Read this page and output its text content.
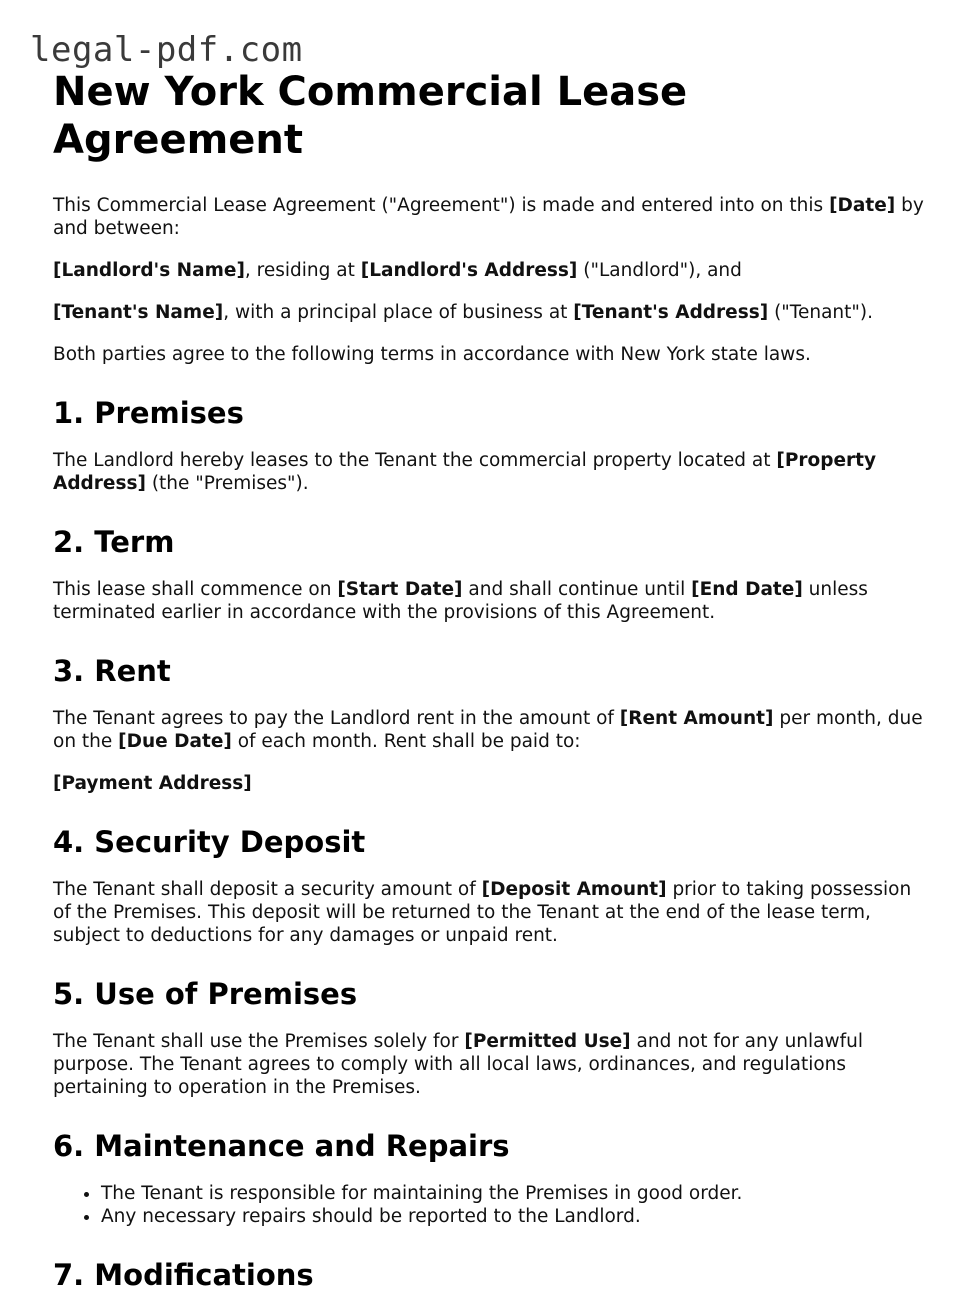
legal-pdf.com
New York Commercial Lease Agreement

This Commercial Lease Agreement ("Agreement") is made and entered into on this [Date] by and between:

[Landlord's Name], residing at [Landlord's Address] ("Landlord"), and

[Tenant's Name], with a principal place of business at [Tenant's Address] ("Tenant").

Both parties agree to the following terms in accordance with New York state laws.

1. Premises

The Landlord hereby leases to the Tenant the commercial property located at [Property Address] (the "Premises").

2. Term

This lease shall commence on [Start Date] and shall continue until [End Date] unless terminated earlier in accordance with the provisions of this Agreement.

3. Rent

The Tenant agrees to pay the Landlord rent in the amount of [Rent Amount] per month, due on the [Due Date] of each month. Rent shall be paid to:

[Payment Address]

4. Security Deposit

The Tenant shall deposit a security amount of [Deposit Amount] prior to taking possession of the Premises. This deposit will be returned to the Tenant at the end of the lease term, subject to deductions for any damages or unpaid rent.

5. Use of Premises

The Tenant shall use the Premises solely for [Permitted Use] and not for any unlawful purpose. The Tenant agrees to comply with all local laws, ordinances, and regulations pertaining to operation in the Premises.

6. Maintenance and Repairs
• The Tenant is responsible for maintaining the Premises in good order.
• Any necessary repairs should be reported to the Landlord.
7. Modifications
